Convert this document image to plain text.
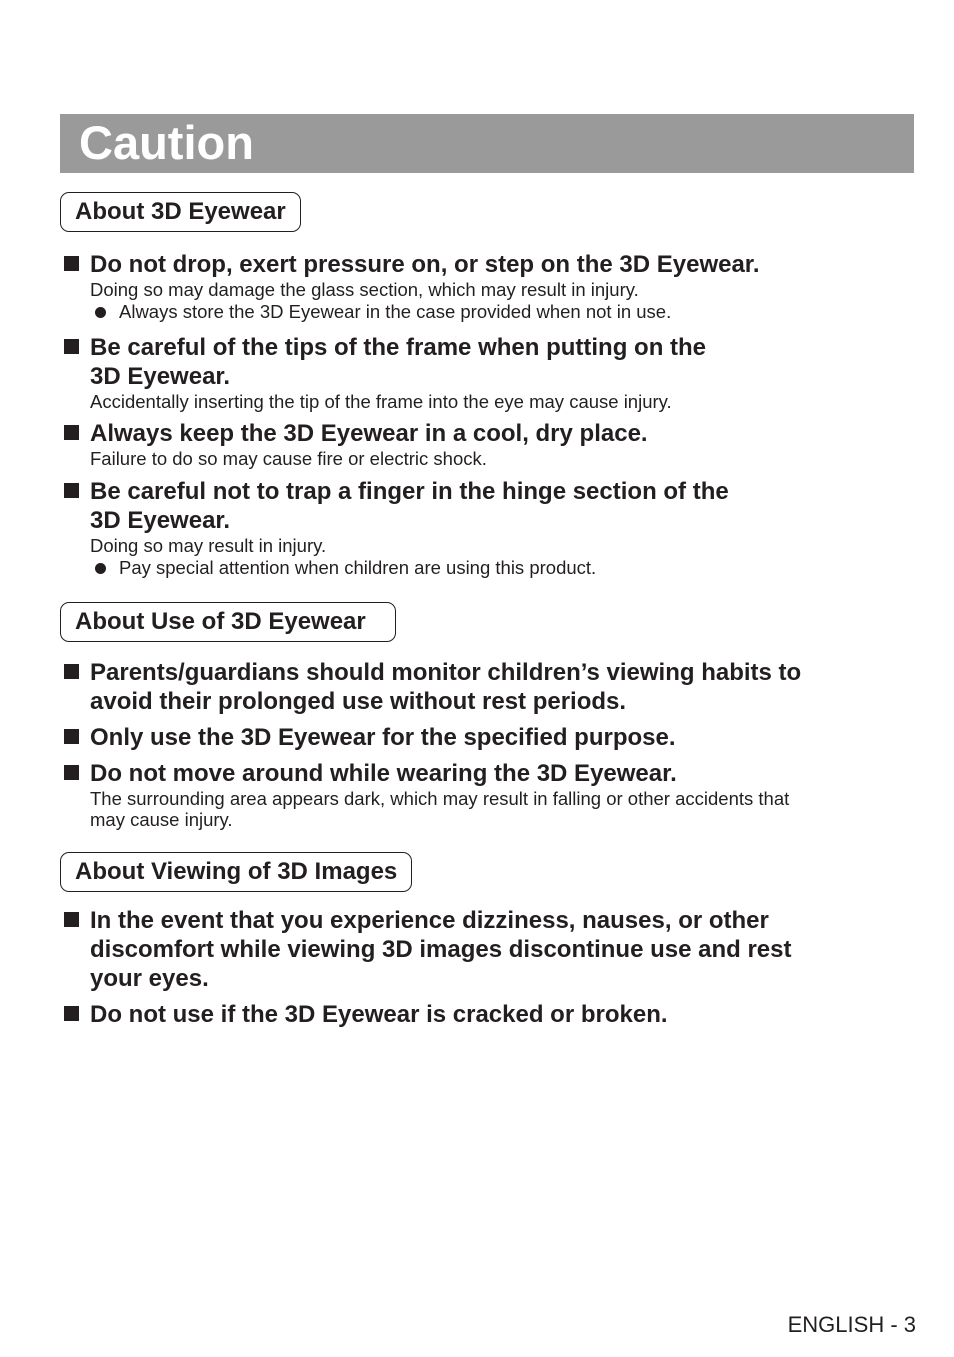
Caution
About 3D Eyewear
Do not drop, exert pressure on, or step on the 3D Eyewear.
Doing so may damage the glass section, which may result in injury.
Always store the 3D Eyewear in the case provided when not in use.
Be careful of the tips of the frame when putting on the
3D Eyewear.
Accidentally inserting the tip of the frame into the eye may cause injury.
Always keep the 3D Eyewear in a cool, dry place.
Failure to do so may cause fire or electric shock.
Be careful not to trap a finger in the hinge section of the
3D Eyewear.
Doing so may result in injury.
Pay special attention when children are using this product.
About Use of 3D Eyewear
Parents/guardians should monitor children’s viewing habits to
avoid their prolonged use without rest periods.
Only use the 3D Eyewear for the specified purpose.
Do not move around while wearing the 3D Eyewear.
The surrounding area appears dark, which may result in falling or other accidents that
may cause injury.
About Viewing of 3D Images
In the event that you experience dizziness, nauses, or other
discomfort while viewing 3D images discontinue use and rest
your eyes.
Do not use if the 3D Eyewear is cracked or broken.
ENGLISH - 3
